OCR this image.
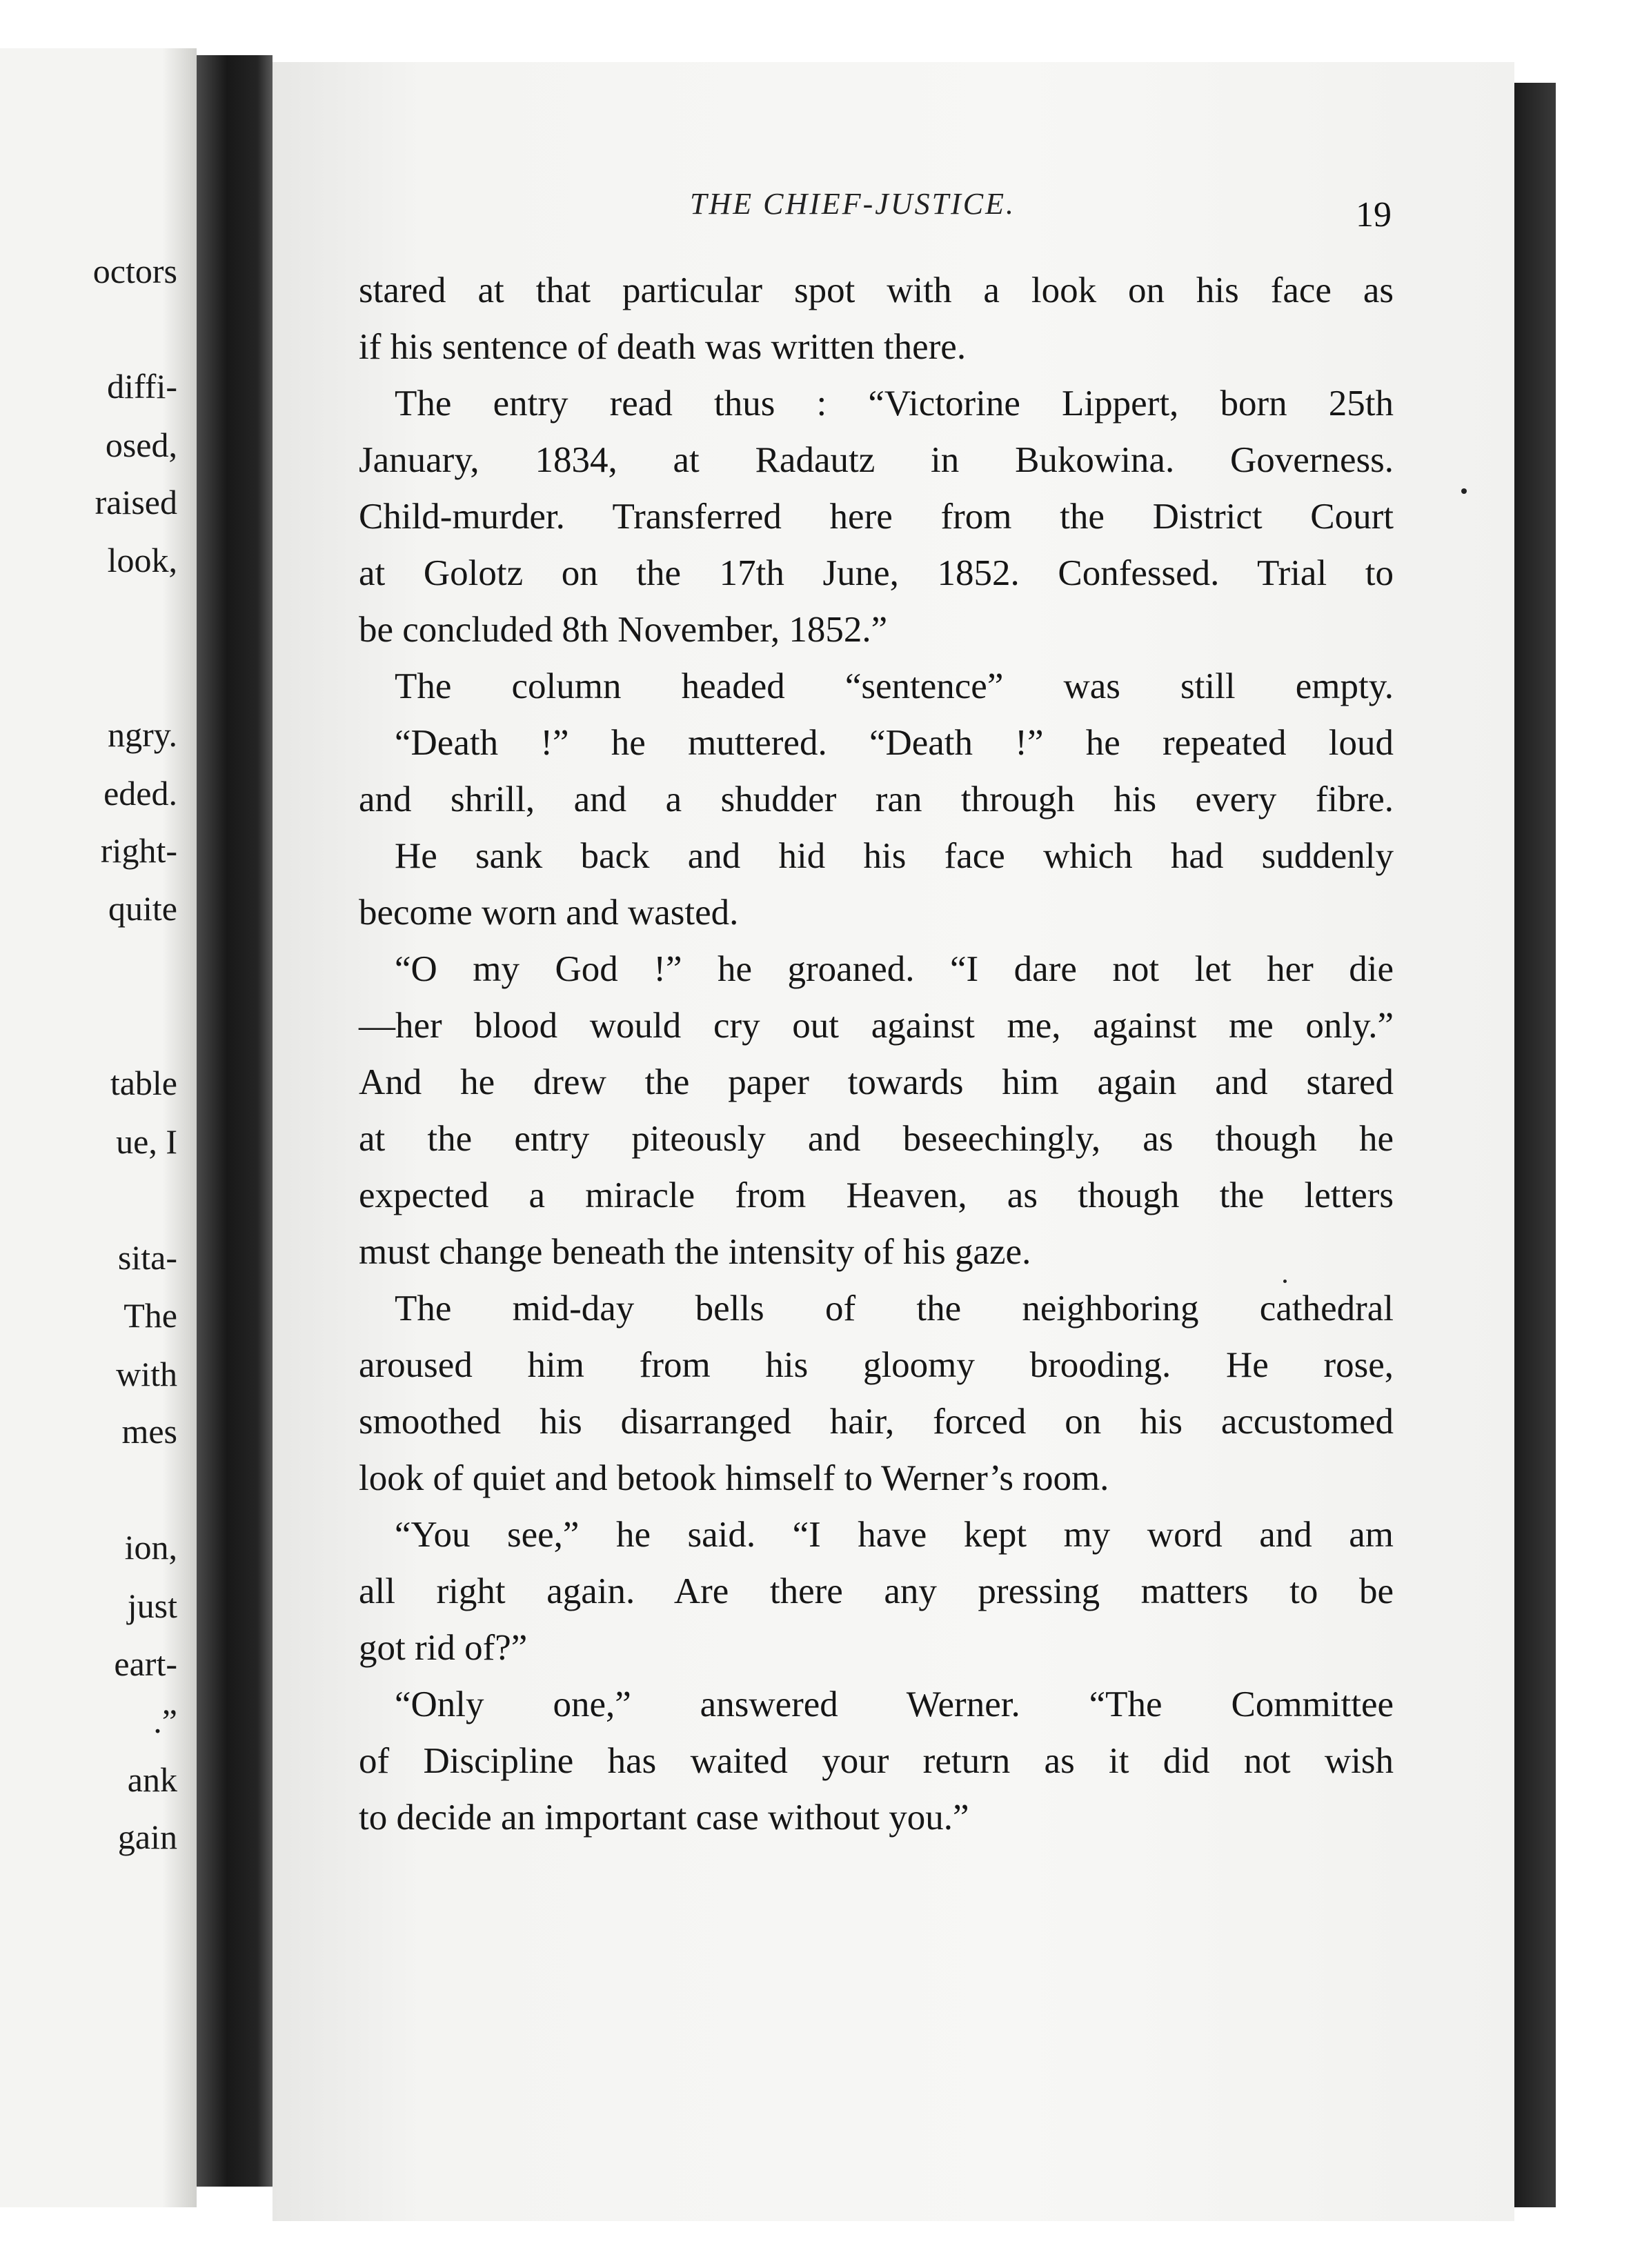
octors
diffi-
osed,
raised
look,
ngry.
eded.
right-
quite
table
ue, I
sita-
The
with
mes
ion,
just
eart-
.”
ank
gain
THE CHIEF-JUSTICE.	19
stared at that particular spot with a look on his face as
if his sentence of death was written there.
The entry read thus : “Victorine Lippert, born 25th
January, 1834, at Radautz in Bukowina. Governess.
Child-murder. Transferred here from the District Court
at Golotz on the 17th June, 1852. Confessed. Trial to
be concluded 8th November, 1852.”
The column headed “sentence” was still empty.
“Death !” he muttered. “Death !” he repeated loud
and shrill, and a shudder ran through his every fibre.
He sank back and hid his face which had suddenly
become worn and wasted.
“O my God !” he groaned. “I dare not let her die
—her blood would cry out against me, against me only.”
And he drew the paper towards him again and stared
at the entry piteously and beseechingly, as though he
expected a miracle from Heaven, as though the letters
must change beneath the intensity of his gaze.
The mid-day bells of the neighboring cathedral
aroused him from his gloomy brooding. He rose,
smoothed his disarranged hair, forced on his accustomed
look of quiet and betook himself to Werner’s room.
“You see,” he said. “I have kept my word and am
all right again. Are there any pressing matters to be
got rid of?”
“Only one,” answered Werner. “The Committee
of Discipline has waited your return as it did not wish
to decide an important case without you.”
